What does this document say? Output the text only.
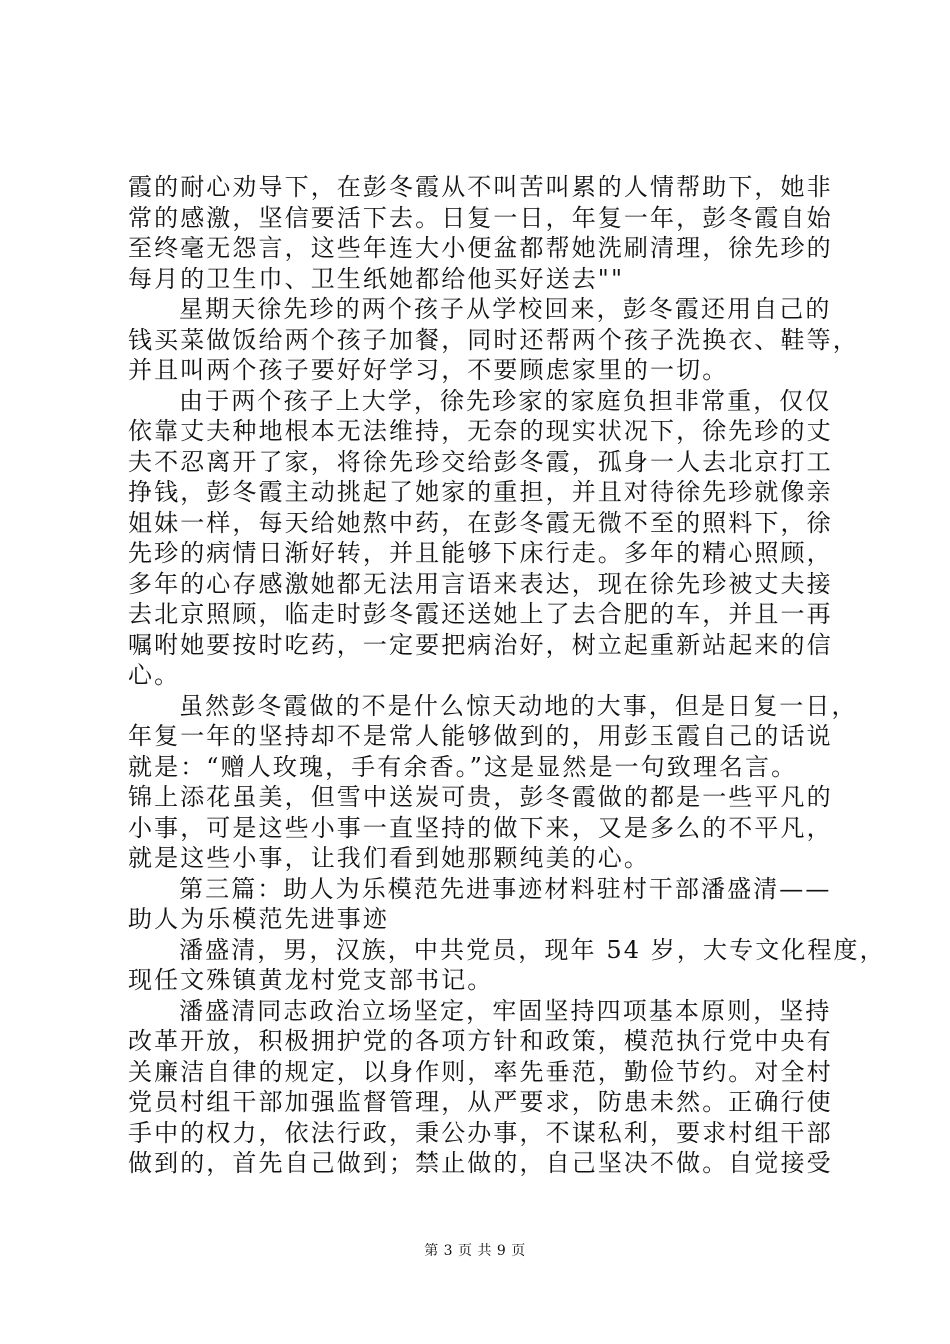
霞的耐心劝导下，在彭冬霞从不叫苦叫累的人情帮助下，她非
常的感激，坚信要活下去。日复一日，年复一年，彭冬霞自始
至终毫无怨言，这些年连大小便盆都帮她洗刷清理，徐先珍的
每月的卫生巾、卫生纸她都给他买好送去""
星期天徐先珍的两个孩子从学校回来，彭冬霞还用自己的
钱买菜做饭给两个孩子加餐，同时还帮两个孩子洗换衣、鞋等，
并且叫两个孩子要好好学习，不要顾虑家里的一切。
由于两个孩子上大学，徐先珍家的家庭负担非常重，仅仅
依靠丈夫种地根本无法维持，无奈的现实状况下，徐先珍的丈
夫不忍离开了家，将徐先珍交给彭冬霞，孤身一人去北京打工
挣钱，彭冬霞主动挑起了她家的重担，并且对待徐先珍就像亲
姐妹一样，每天给她熬中药，在彭冬霞无微不至的照料下，徐
先珍的病情日渐好转，并且能够下床行走。多年的精心照顾，
多年的心存感激她都无法用言语来表达，现在徐先珍被丈夫接
去北京照顾，临走时彭冬霞还送她上了去合肥的车，并且一再
嘱咐她要按时吃药，一定要把病治好，树立起重新站起来的信
心。
虽然彭冬霞做的不是什么惊天动地的大事，但是日复一日，
年复一年的坚持却不是常人能够做到的，用彭玉霞自己的话说
就是：“赠人玫瑰，手有余香。”这是显然是一句致理名言。
锦上添花虽美，但雪中送炭可贵，彭冬霞做的都是一些平凡的
小事，可是这些小事一直坚持的做下来，又是多么的不平凡，
就是这些小事，让我们看到她那颗纯美的心。
第三篇：助人为乐模范先进事迹材料驻村干部潘盛清——
助人为乐模范先进事迹
潘盛清，男，汉族，中共党员，现年 54 岁，大专文化程度，
现任文殊镇黄龙村党支部书记。
潘盛清同志政治立场坚定，牢固坚持四项基本原则，坚持
改革开放，积极拥护党的各项方针和政策，模范执行党中央有
关廉洁自律的规定，以身作则，率先垂范，勤俭节约。对全村
党员村组干部加强监督管理，从严要求，防患未然。正确行使
手中的权力，依法行政，秉公办事，不谋私利，要求村组干部
做到的，首先自己做到；禁止做的，自己坚决不做。自觉接受
第 3 页 共 9 页
